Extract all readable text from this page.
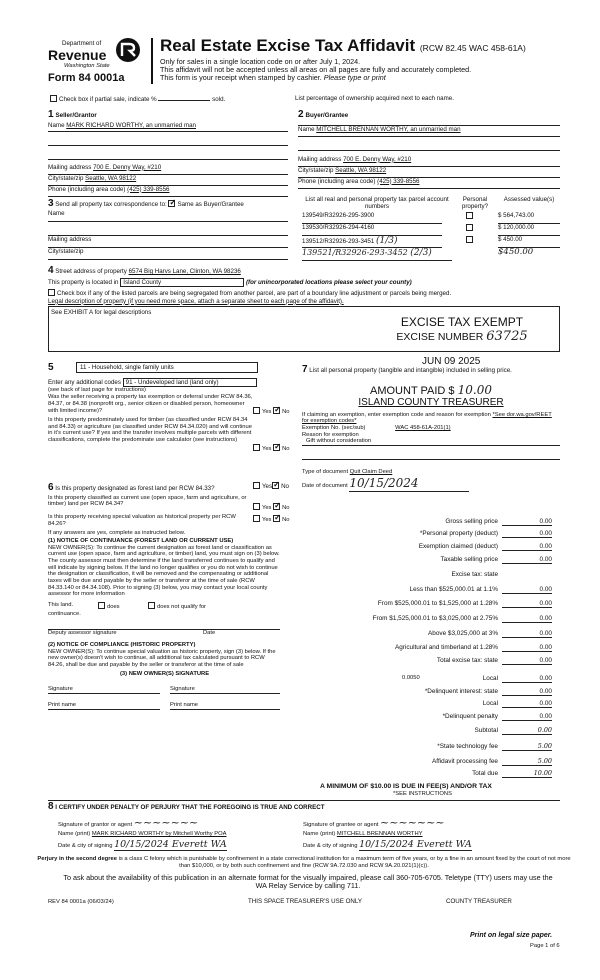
Department of
Revenue
Washington State
Form 84 0001a
Real Estate Excise Tax Affidavit (RCW 82.45 WAC 458-61A)
Only for sales in a single location code on or after July 1, 2024.
This affidavit will not be accepted unless all areas on all pages are fully and accurately completed.
This form is your receipt when stamped by cashier. Please type or print
Check box if partial sale, indicate %	sold.	List percentage of ownership acquired next to each name.
1 Seller/Grantor
Name
MARK RICHARD WORTHY, an unmarried man
Mailing address
700 E. Denny Way, #210
City/state/zip
Seattle, WA 98122
Phone (including area code)
(425) 339-8556
2 Buyer/Grantee
Name
MITCHELL BRENNAN WORTHY, an unmarried man
Mailing address
700 E. Denny Way, #210
City/state/zip
Seattle, WA 98122
Phone (including area code)
(425) 339-8556
3 Send all property tax correspondence to: ✓ Same as Buyer/Grantee
Name
Mailing address
City/state/zip
List all real and personal property tax parcel account numbers
Personal property?
Assessed value(s)
139549/R32926-295-3900	$ 564,743.00
139530/R32926-294-4160	$ 120,000.00
139512/R32926-293-3451 (1/3)	$ 450.00
139521/R32926-293-3452 (2/3)	$450.00
4 Street address of property 6574 Big Harvs Lane, Clinton, WA 98236
This property is located in Island County	(for unincorporated locations please select your county)
Check box if any of the listed parcels are being segregated from another parcel, are part of a boundary line adjustment or parcels being merged.
Legal description of property (if you need more space, attach a separate sheet to each page of the affidavit).
See EXHIBIT A for legal descriptions
EXCISE TAX EXEMPT
EXCISE NUMBER 63725
5	11 - Household, single family units
Enter any additional codes 91 - Undeveloped land (land only)
(see back of last page for instructions)
Was the seller receiving a property tax exemption or deferral under RCW 84.36, 84.37, or 84.38 (nonprofit org., senior citizen or disabled person, homeowner with limited income)?	Yes ✓ No
Is this property predominately used for timber (as classified under RCW 84.34 and 84.33) or agriculture (as classified under RCW 84.34.020) and will continue in it's current use? If yes and the transfer involves multiple parcels with different classifications, complete the predominate use calculator (see instructions)
Yes ✓ No
6 Is this property designated as forest land per RCW 84.33?	Yes✓ No
Is this property classified as current use (open space, farm and agriculture, or timber) land per RCW 84.34?
Yes ✓ No
Is this property receiving special valuation as historical property per RCW 84.26?
Yes ✓ No
If any answers are yes, complete as instructed below.
(1) NOTICE OF CONTINUANCE (FOREST LAND OR CURRENT USE)
NEW OWNER(S): To continue the current designation as forest land or classification as current use (open space, farm and agriculture, or timber) land, you must sign on (3) below. The county assessor must then determine if the land transferred continues to qualify and will indicate by signing below. If the land no longer qualifies or you do not wish to continue the designation or classification, it will be removed and the compensating or additional taxes will be due and payable by the seller or transferor at the time of sale (RCW 84.33.140 or 84.34.108). Prior to signing (3) below, you may contact your local county assessor for more information
This land.	does	does not qualify for
continuance.
Deputy assessor signature	Date
(2) NOTICE OF COMPLIANCE (HISTORIC PROPERTY)
NEW OWNER(S): To continue special valuation as historic property, sign (3) below. If the new owner(s) doesn't wish to continue, all additional tax calculated pursuant to RCW 84.26, shall be due and payable by the seller or transferor at the time of sale
(3) NEW OWNER(S) SIGNATURE
Signature	Signature
Print name	Print name
JUN 09 2025
7 List all personal property (tangible and intangible) included in selling price.
AMOUNT PAID $ 10.00
ISLAND COUNTY TREASURER
If claiming an exemption, enter exemption code and reason for exemption *See dor.wa.gov/REET for exemption codes*
Exemption No. (sec/sub)	WAC 458-61A-201(1)
Reason for exemption
Gift without consideration
Type of document Quit Claim Deed
Date of document 10/15/2024
Gross selling price	0.00
*Personal property (deduct)	0.00
Exemption claimed (deduct)	0.00
Taxable selling price	0.00
Excise tax: state
Less than $525,000.01 at 1.1%	0.00
From $525,000.01 to $1,525,000 at 1.28%	0.00
From $1,525,000.01 to $3,025,000 at 2.75%	0.00
Above $3,025,000 at 3%	0.00
Agricultural and timberland at 1.28%	0.00
Total excise tax: state	0.00
Local	0.00
*Delinquent interest: state	0.00
Local	0.00
*Delinquent penalty	0.00
Subtotal	0.00
*State technology fee	5.00
Affidavit processing fee	5.00
Total due	10.00
0.0050
A MINIMUM OF $10.00 IS DUE IN FEE(S) AND/OR TAX
*SEE INSTRUCTIONS
8 I CERTIFY UNDER PENALTY OF PERJURY THAT THE FOREGOING IS TRUE AND CORRECT
Signature of grantor or agent ~~~~~~~	Signature of grantee or agent ~~~~~~~
Name (print) MARK RICHARD WORTHY by Mitchell Worthy POA	Name (print) MITCHELL BRENNAN WORTHY
Date & city of signing 10/15/2024 Everett WA	Date & city of signing 10/15/2024 Everett WA
Perjury in the second degree is a class C felony which is punishable by confinement in a state correctional institution for a maximum term of five years, or by a fine in an amount fixed by the court of not more than $10,000, or by both such confinement and fine (RCW 9A.72.030 and RCW 9A.20.021(1)(c)).
To ask about the availability of this publication in an alternate format for the visually impaired, please call 360-705-6705. Teletype (TTY) users may use the WA Relay Service by calling 711.
REV 84 0001a (06/03/24)	THIS SPACE TREASURER'S USE ONLY	COUNTY TREASURER
Print on legal size paper.
Page 1 of 6
